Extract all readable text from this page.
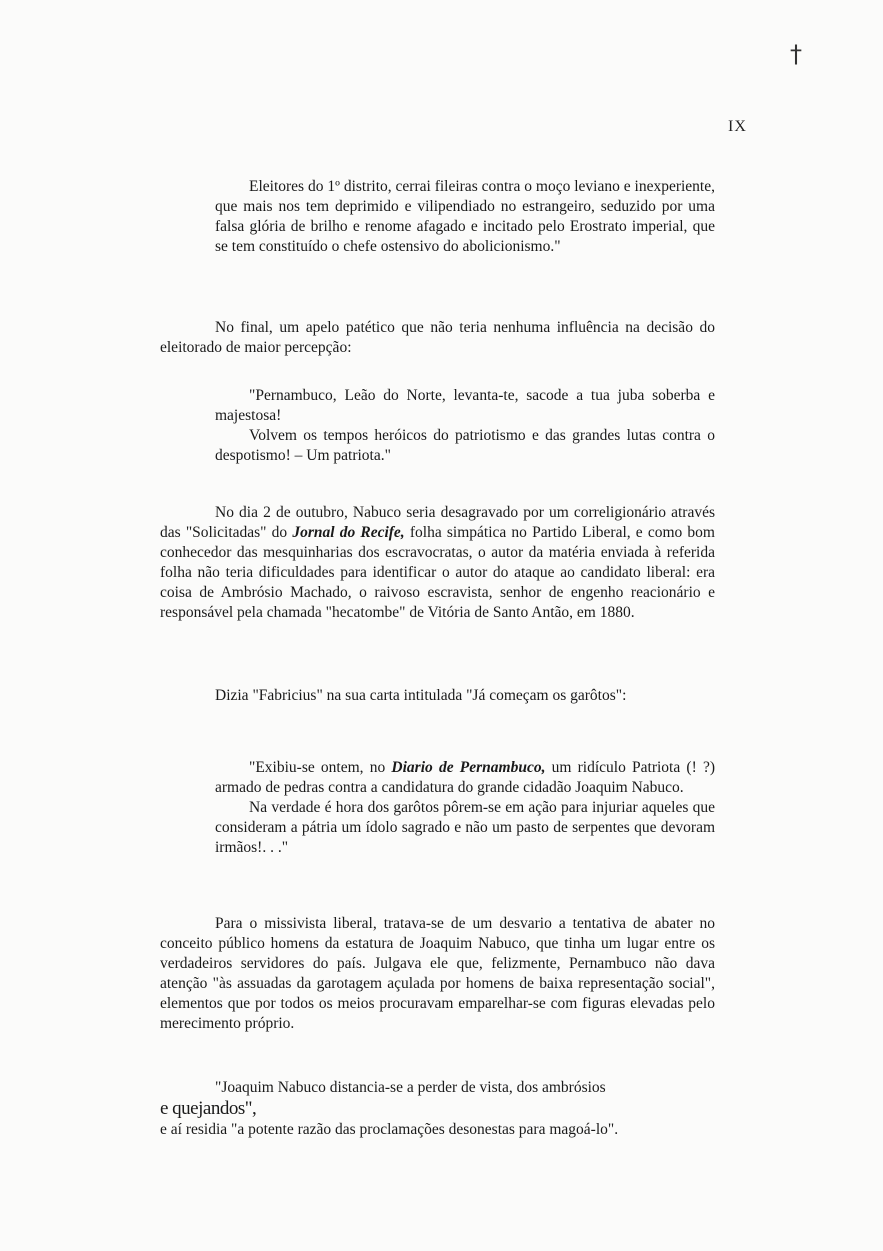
†
IX

Eleitores do 1º distrito, cerrai fileiras contra o moço leviano e inexperiente, que mais nos tem deprimido e vilipendiado no estrangeiro, seduzido por uma falsa glória de brilho e renome afagado e incitado pelo Erostrato imperial, que se tem constituído o chefe ostensivo do abolicionismo."

No final, um apelo patético que não teria nenhuma influência na decisão do eleitorado de maior percepção:

"Pernambuco, Leão do Norte, levanta-te, sacode a tua juba soberba e majestosa!

Volvem os tempos heróicos do patriotismo e das grandes lutas contra o despotismo! – Um patriota."

No dia 2 de outubro, Nabuco seria desagravado por um correligionário através das "Solicitadas" do Jornal do Recife, folha simpática no Partido Liberal, e como bom conhecedor das mesquinharias dos escravocratas, o autor da matéria enviada à referida folha não teria dificuldades para identificar o autor do ataque ao candidato liberal: era coisa de Ambrósio Machado, o raivoso escravista, senhor de engenho reacionário e responsável pela chamada "hecatombe" de Vitória de Santo Antão, em 1880.

Dizia "Fabricius" na sua carta intitulada "Já começam os garôtos":

"Exibiu-se ontem, no Diario de Pernambuco, um ridículo Patriota (! ?) armado de pedras contra a candidatura do grande cidadão Joaquim Nabuco.

Na verdade é hora dos garôtos pôrem-se em ação para injuriar aqueles que consideram a pátria um ídolo sagrado e não um pasto de serpentes que devoram irmãos!. . ."

Para o missivista liberal, tratava-se de um desvario a tentativa de abater no conceito público homens da estatura de Joaquim Nabuco, que tinha um lugar entre os verdadeiros servidores do país. Julgava ele que, felizmente, Pernambuco não dava atenção "às assuadas da garotagem açulada por homens de baixa representação social", elementos que por todos os meios procuravam emparelhar-se com figuras elevadas pelo merecimento próprio.

"Joaquim Nabuco distancia-se a perder de vista, dos ambrósios

e quejandos",

e aí residia "a potente razão das proclamações desonestas para magoá-lo".
